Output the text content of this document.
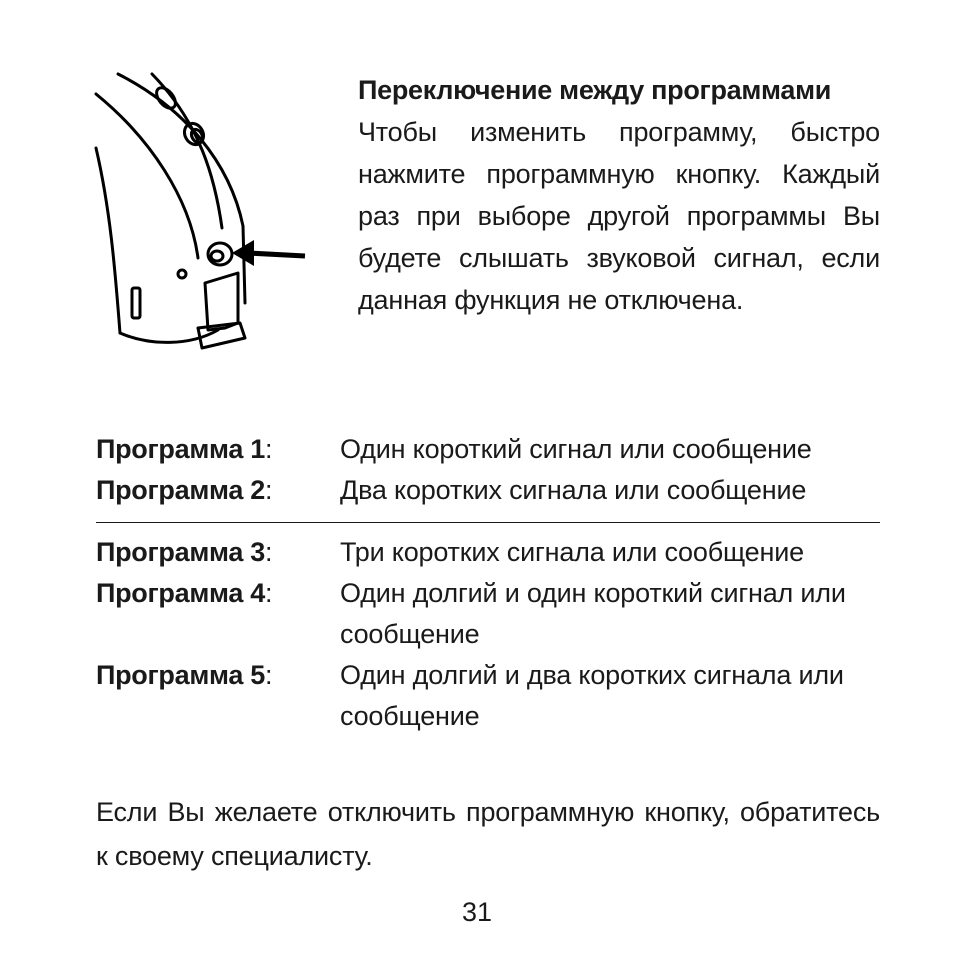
Переключение между программами

Чтобы изменить программу, быстро нажмите программную кнопку. Каждый раз при выборе другой программы Вы будете слышать звуковой сигнал, если данная функция не отключена.

Программа 1:	Один короткий сигнал или сообщение
Программа 2:	Два коротких сигнала или сообщение
Программа 3:	Три коротких сигнала или сообщение
Программа 4:	Один долгий и один короткий сигнал или сообщение
Программа 5:	Один долгий и два коротких сигнала или сообщение

Если Вы желаете отключить программную кнопку, обратитесь к своему специалисту.

31
